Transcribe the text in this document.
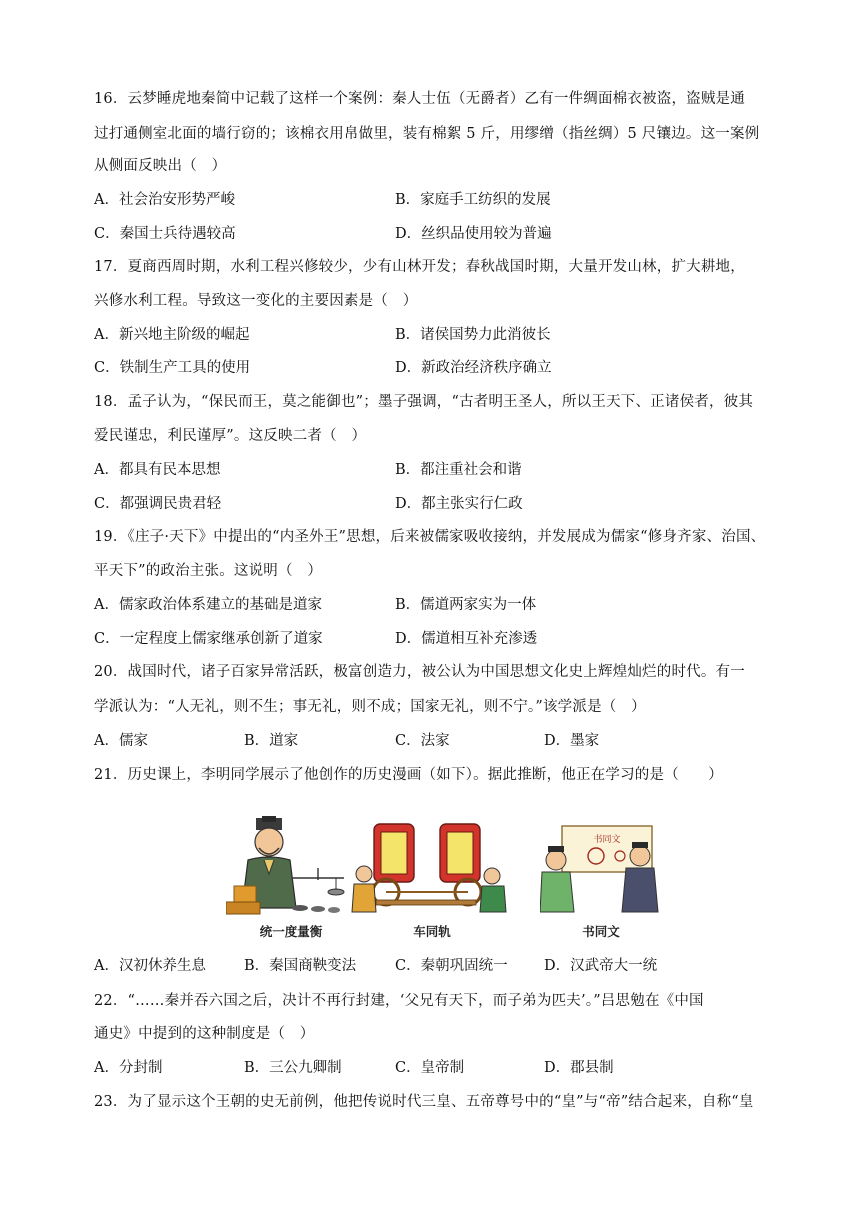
16．云梦睡虎地秦简中记载了这样一个案例：秦人士伍（无爵者）乙有一件绸面棉衣被盗，盗贼是通
过打通侧室北面的墙行窃的；该棉衣用帛做里，装有棉絮 5 斤，用缪缯（指丝绸）5 尺镶边。这一案例
从侧面反映出（　）
A．社会治安形势严峻	B．家庭手工纺织的发展
C．秦国士兵待遇较高	D．丝织品使用较为普遍
17．夏商西周时期，水利工程兴修较少，少有山林开发；春秋战国时期，大量开发山林，扩大耕地，
兴修水利工程。导致这一变化的主要因素是（　）
A．新兴地主阶级的崛起	B．诸侯国势力此消彼长
C．铁制生产工具的使用	D．新政治经济秩序确立
18．孟子认为，“保民而王，莫之能御也”；墨子强调，“古者明王圣人，所以王天下、正诸侯者，彼其
爱民谨忠，利民谨厚”。这反映二者（　）
A．都具有民本思想	B．都注重社会和谐
C．都强调民贵君轻	D．都主张实行仁政
19．《庄子·天下》中提出的“内圣外王”思想，后来被儒家吸收接纳，并发展成为儒家“修身齐家、治国、
平天下”的政治主张。这说明（　）
A．儒家政治体系建立的基础是道家	B．儒道两家实为一体
C．一定程度上儒家继承创新了道家	D．儒道相互补充渗透
20．战国时代，诸子百家异常活跃，极富创造力，被公认为中国思想文化史上辉煌灿烂的时代。有一
学派认为：“人无礼，则不生；事无礼，则不成；国家无礼，则不宁。”该学派是（　）
A．儒家	B．道家	C．法家	D．墨家
21．历史课上，李明同学展示了他创作的历史漫画（如下）。据此推断，他正在学习的是（　　）
统一度量衡	车同轨
书同文
书同文
A．汉初休养生息	B．秦国商鞅变法	C．秦朝巩固统一	D．汉武帝大一统
22．“……秦并吞六国之后，决计不再行封建，‘父兄有天下，而子弟为匹夫’。”吕思勉在《中国
通史》中提到的这种制度是（　）
A．分封制	B．三公九卿制	C．皇帝制	D．郡县制
23．为了显示这个王朝的史无前例，他把传说时代三皇、五帝尊号中的“皇”与“帝”结合起来，自称“皇
